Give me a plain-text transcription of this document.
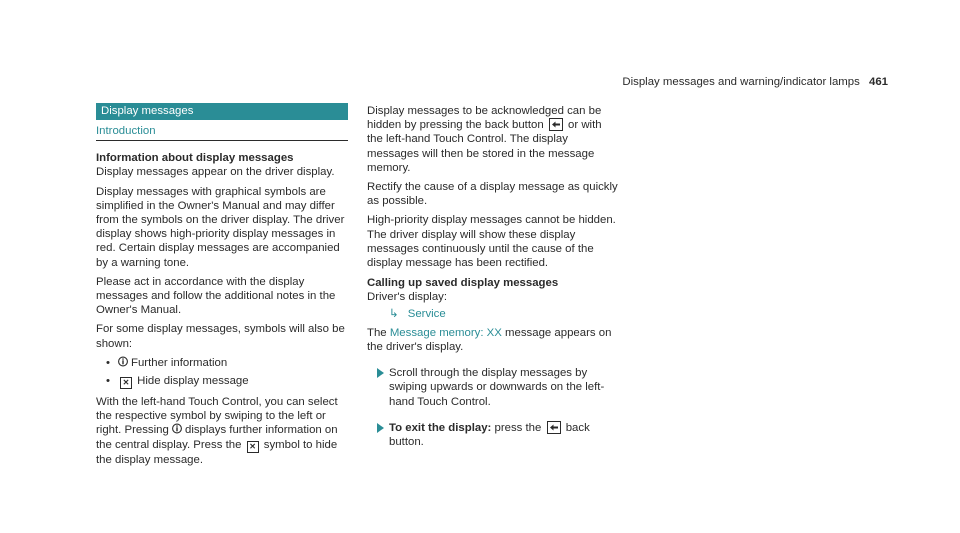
Display messages and warning/indicator lamps 461
Display messages
Introduction
Information about display messages

Display messages appear on the driver display.

Display messages with graphical symbols are simplified in the Owner's Manual and may differ from the symbols on the driver display. The driver display shows high-priority display messages in red. Certain display messages are accompanied by a warning tone.

Please act in accordance with the display messages and follow the additional notes in the Owner's Manual.

For some display messages, symbols will also be shown:

• Further information
• ✕ Hide display message

With the left-hand Touch Control, you can select the respective symbol by swiping to the left or right. Pressing displays further information on the central display. Press the ✕ symbol to hide the display message.

Display messages to be acknowledged can be hidden by pressing the back button or with the left-hand Touch Control. The display messages will then be stored in the message memory.

Rectify the cause of a display message as quickly as possible.

High-priority display messages cannot be hidden. The driver display will show these display messages continuously until the cause of the display message has been rectified.

Calling up saved display messages

Driver's display:

↳ Service

The Message memory: XX message appears on the driver's display.

Scroll through the display messages by swiping upwards or downwards on the left-hand Touch Control.
To exit the display: press the back button.
